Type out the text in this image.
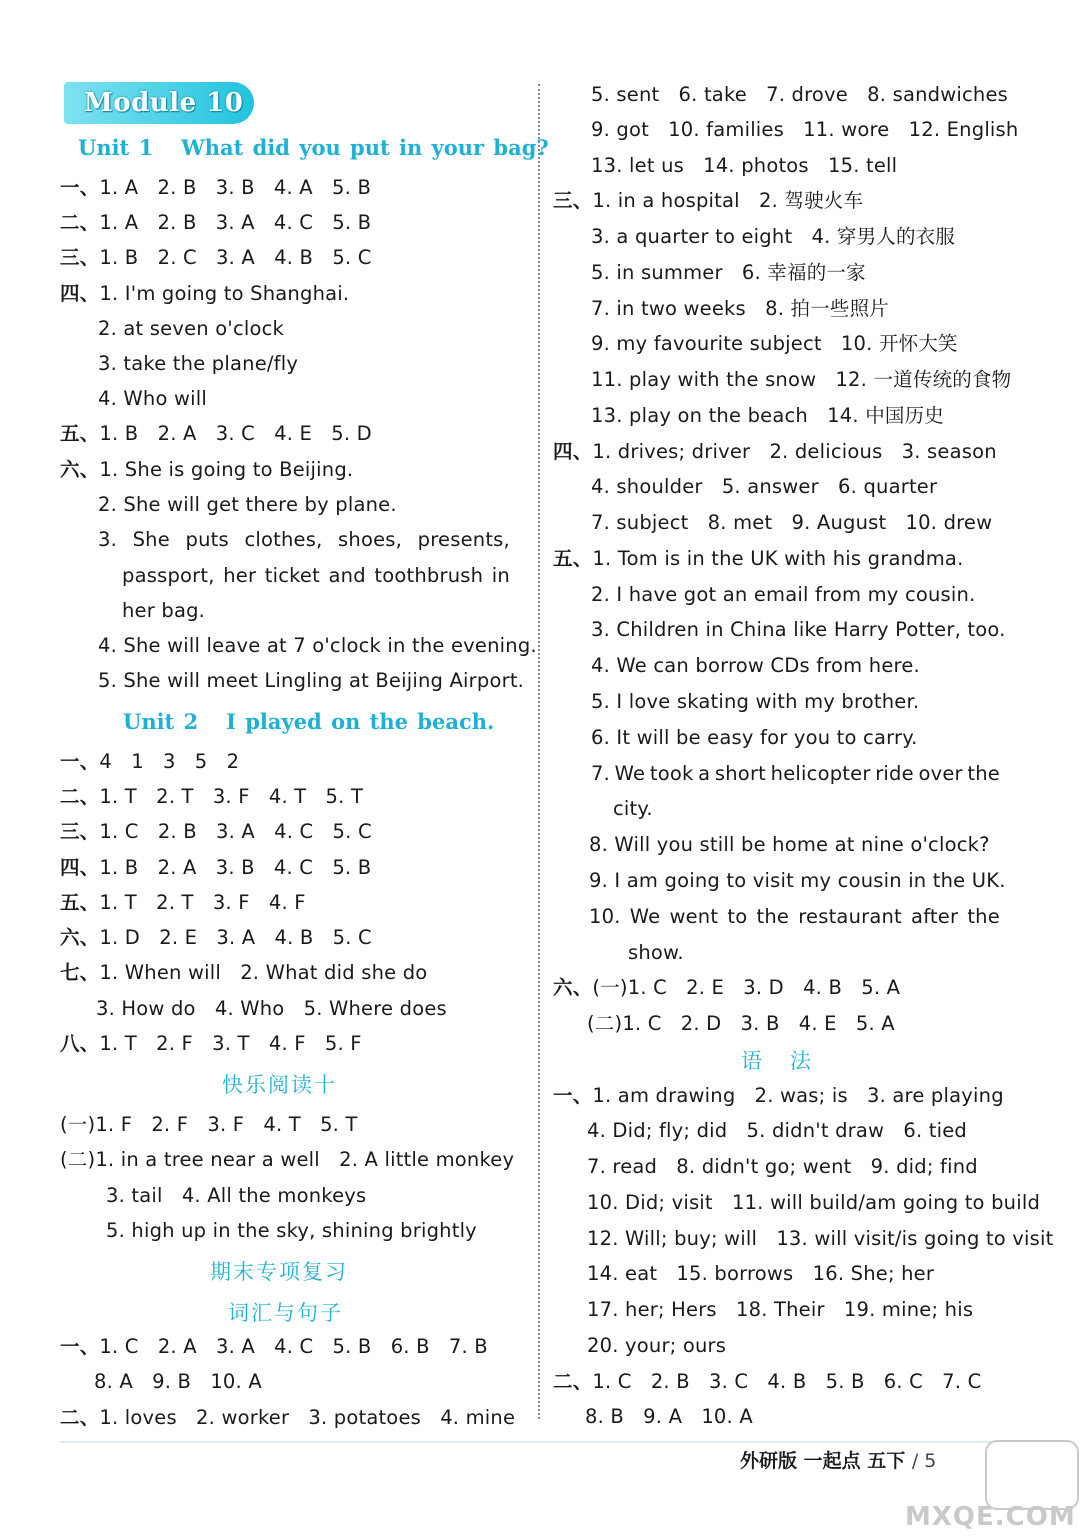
Module 10
Unit 1   What did you put in your bag?
一、1. A   2. B   3. B   4. A   5. B
二、1. A   2. B   3. A   4. C   5. B
三、1. B   2. C   3. A   4. B   5. C
四、1. I'm going to Shanghai.
2. at seven o'clock
3. take the plane/fly
4. Who will
五、1. B   2. A   3. C   4. E   5. D
六、1. She is going to Beijing.
2. She will get there by plane.
3. She puts clothes, shoes, presents,
passport, her ticket and toothbrush in
her bag.
4. She will leave at 7 o'clock in the evening.
5. She will meet Lingling at Beijing Airport.
Unit 2   I played on the beach.
一、4   1   3   5   2
二、1. T   2. T   3. F   4. T   5. T
三、1. C   2. B   3. A   4. C   5. C
四、1. B   2. A   3. B   4. C   5. B
五、1. T   2. T   3. F   4. F
六、1. D   2. E   3. A   4. B   5. C
七、1. When will   2. What did she do
3. How do   4. Who   5. Where does
八、1. T   2. F   3. T   4. F   5. F
快乐阅读十
(一)1. F   2. F   3. F   4. T   5. T
(二)1. in a tree near a well   2. A little monkey
3. tail   4. All the monkeys
5. high up in the sky, shining brightly
期末专项复习
词汇与句子
一、1. C   2. A   3. A   4. C   5. B   6. B   7. B
8. A   9. B   10. A
二、1. loves   2. worker   3. potatoes   4. mine
5. sent   6. take   7. drove   8. sandwiches
9. got   10. families   11. wore   12. English
13. let us   14. photos   15. tell
三、1. in a hospital   2. 驾驶火车
3. a quarter to eight   4. 穿男人的衣服
5. in summer   6. 幸福的一家
7. in two weeks   8. 拍一些照片
9. my favourite subject   10. 开怀大笑
11. play with the snow   12. 一道传统的食物
13. play on the beach   14. 中国历史
四、1. drives; driver   2. delicious   3. season
4. shoulder   5. answer   6. quarter
7. subject   8. met   9. August   10. drew
五、1. Tom is in the UK with his grandma.
2. I have got an email from my cousin.
3. Children in China like Harry Potter, too.
4. We can borrow CDs from here.
5. I love skating with my brother.
6. It will be easy for you to carry.
7. We took a short helicopter ride over the
city.
8. Will you still be home at nine o'clock?
9. I am going to visit my cousin in the UK.
10. We went to the restaurant after the
show.
六、(一)1. C   2. E   3. D   4. B   5. A
(二)1. C   2. D   3. B   4. E   5. A
语   法
一、1. am drawing   2. was; is   3. are playing
4. Did; fly; did   5. didn't draw   6. tied
7. read   8. didn't go; went   9. did; find
10. Did; visit   11. will build/am going to build
12. Will; buy; will   13. will visit/is going to visit
14. eat   15. borrows   16. She; her
17. her; Hers   18. Their   19. mine; his
20. your; ours
二、1. C   2. B   3. C   4. B   5. B   6. C   7. C
8. B   9. A   10. A
外研版 一起点 五下 / 5
MXQE.COM
